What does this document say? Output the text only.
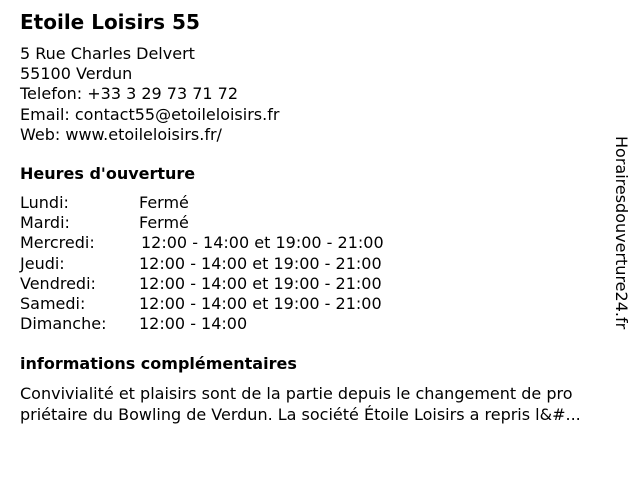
Etoile Loisirs 55
5 Rue Charles Delvert
55100 Verdun
Telefon: +33 3 29 73 71 72
Email: contact55@etoileloisirs.fr
Web: www.etoileloisirs.fr/
Heures d'ouverture
Lundi:	Fermé
Mardi:	Fermé
Mercredi:	12:00 - 14:00 et 19:00 - 21:00
Jeudi:	12:00 - 14:00 et 19:00 - 21:00
Vendredi:	12:00 - 14:00 et 19:00 - 21:00
Samedi:	12:00 - 14:00 et 19:00 - 21:00
Dimanche: 12:00 - 14:00
informations complémentaires
Convivialité et plaisirs sont de la partie depuis le changement de pro
priétaire du Bowling de Verdun. La société Étoile Loisirs a repris l&#...
Horairesdouverture24.fr
